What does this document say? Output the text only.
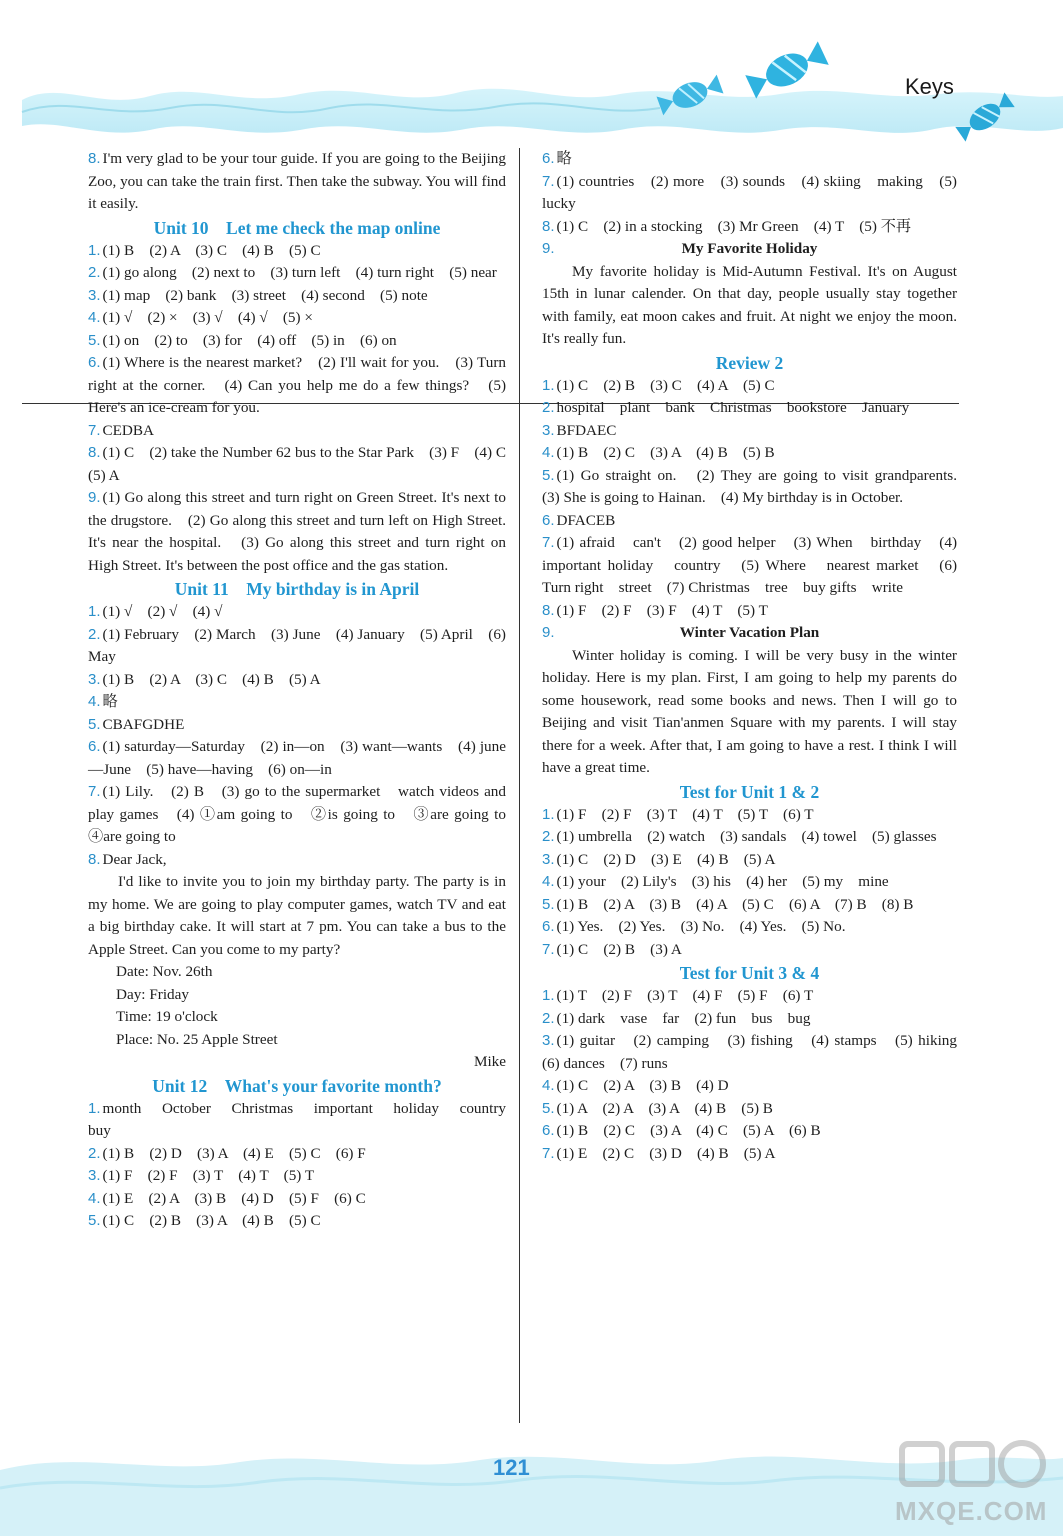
Keys
8. I'm very glad to be your tour guide. If you are going to the Beijing Zoo, you can take the train first. Then take the subway. You will find it easily.
Unit 10　Let me check the map online
1. (1) B　(2) A　(3) C　(4) B　(5) C
2. (1) go along　(2) next to　(3) turn left　(4) turn right　(5) near
3. (1) map　(2) bank　(3) street　(4) second　(5) note
4. (1) √　(2) ×　(3) √　(4) √　(5) ×
5. (1) on　(2) to　(3) for　(4) off　(5) in　(6) on
6. (1) Where is the nearest market?　(2) I'll wait for you.　(3) Turn right at the corner.　(4) Can you help me do a few things?　(5) Here's an ice-cream for you.
7. CEDBA
8. (1) C　(2) take the Number 62 bus to the Star Park　(3) F　(4) C　(5) A
9. (1) Go along this street and turn right on Green Street. It's next to the drugstore.　(2) Go along this street and turn left on High Street. It's near the hospital.　(3) Go along this street and turn right on High Street. It's between the post office and the gas station.
Unit 11　My birthday is in April
1. (1) √　(2) √　(4) √
2. (1) February　(2) March　(3) June　(4) January　(5) April　(6) May
3. (1) B　(2) A　(3) C　(4) B　(5) A
4. 略
5. CBAFGDHE
6. (1) saturday—Saturday　(2) in—on　(3) want—wants　(4) june—June　(5) have—having　(6) on—in
7. (1) Lily.　(2) B　(3) go to the supermarket　watch videos and play games　(4) ①am going to　②is going to　③are going to　④are going to
8. Dear Jack,
I'd like to invite you to join my birthday party. The party is in my home. We are going to play computer games, watch TV and eat a big birthday cake. It will start at 7 pm. You can take a bus to the Apple Street. Can you come to my party?
Date: Nov. 26th
Day: Friday
Time: 19 o'clock
Place: No. 25 Apple Street
Mike
Unit 12　What's your favorite month?
1. month　October　Christmas　important　holiday　country　buy
2. (1) B　(2) D　(3) A　(4) E　(5) C　(6) F
3. (1) F　(2) F　(3) T　(4) T　(5) T
4. (1) E　(2) A　(3) B　(4) D　(5) F　(6) C
5. (1) C　(2) B　(3) A　(4) B　(5) C
6. 略
7. (1) countries　(2) more　(3) sounds　(4) skiing　making　(5) lucky
8. (1) C　(2) in a stocking　(3) Mr Green　(4) T　(5) 不再
9.	My Favorite Holiday
My favorite holiday is Mid-Autumn Festival. It's on August 15th in lunar calender. On that day, people usually stay together with family, eat moon cakes and fruit. At night we enjoy the moon. It's really fun.
Review 2
1. (1) C　(2) B　(3) C　(4) A　(5) C
2. hospital　plant　bank　Christmas　bookstore　January
3. BFDAEC
4. (1) B　(2) C　(3) A　(4) B　(5) B
5. (1) Go straight on.　(2) They are going to visit grandparents.　(3) She is going to Hainan.　(4) My birthday is in October.
6. DFACEB
7. (1) afraid　can't　(2) good helper　(3) When　birthday　(4) important holiday　country　(5) Where　nearest market　(6) Turn right　street　(7) Christmas　tree　buy gifts　write
8. (1) F　(2) F　(3) F　(4) T　(5) T
9.	Winter Vacation Plan
Winter holiday is coming. I will be very busy in the winter holiday. Here is my plan. First, I am going to help my parents do some housework, read some books and news. Then I will go to Beijing and visit Tian'anmen Square with my parents. I will stay there for a week. After that, I am going to have a rest. I think I will have a great time.
Test for Unit 1 & 2
1. (1) F　(2) F　(3) T　(4) T　(5) T　(6) T
2. (1) umbrella　(2) watch　(3) sandals　(4) towel　(5) glasses
3. (1) C　(2) D　(3) E　(4) B　(5) A
4. (1) your　(2) Lily's　(3) his　(4) her　(5) my　mine
5. (1) B　(2) A　(3) B　(4) A　(5) C　(6) A　(7) B　(8) B
6. (1) Yes.　(2) Yes.　(3) No.　(4) Yes.　(5) No.
7. (1) C　(2) B　(3) A
Test for Unit 3 & 4
1. (1) T　(2) F　(3) T　(4) F　(5) F　(6) T
2. (1) dark　vase　far　(2) fun　bus　bug
3. (1) guitar　(2) camping　(3) fishing　(4) stamps　(5) hiking　(6) dances　(7) runs
4. (1) C　(2) A　(3) B　(4) D
5. (1) A　(2) A　(3) A　(4) B　(5) B
6. (1) B　(2) C　(3) A　(4) C　(5) A　(6) B
7. (1) E　(2) C　(3) D　(4) B　(5) A
121
MXQE.COM
